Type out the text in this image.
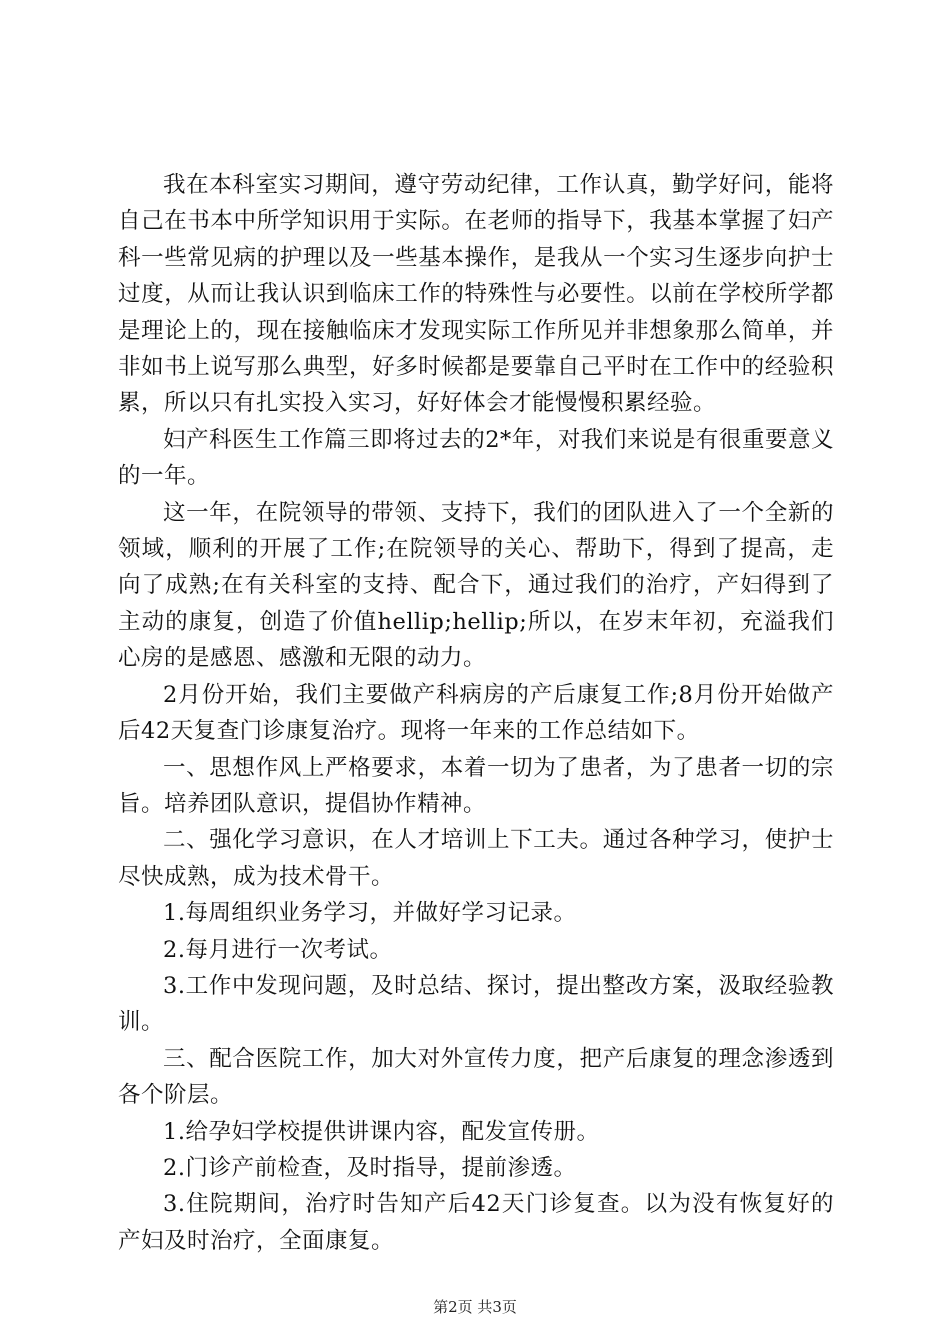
我在本科室实习期间，遵守劳动纪律，工作认真，勤学好问，能将自己在书本中所学知识用于实际。在老师的指导下，我基本掌握了妇产科一些常见病的护理以及一些基本操作，是我从一个实习生逐步向护士过度，从而让我认识到临床工作的特殊性与必要性。以前在学校所学都是理论上的，现在接触临床才发现实际工作所见并非想象那么简单，并非如书上说写那么典型，好多时候都是要靠自己平时在工作中的经验积累，所以只有扎实投入实习，好好体会才能慢慢积累经验。

妇产科医生工作篇三即将过去的2*年，对我们来说是有很重要意义的一年。

这一年，在院领导的带领、支持下，我们的团队进入了一个全新的领域，顺利的开展了工作;在院领导的关心、帮助下，得到了提高，走向了成熟;在有关科室的支持、配合下，通过我们的治疗，产妇得到了主动的康复，创造了价值hellip;hellip;所以，在岁末年初，充溢我们心房的是感恩、感激和无限的动力。

2月份开始，我们主要做产科病房的产后康复工作;8月份开始做产后42天复查门诊康复治疗。现将一年来的工作总结如下。

一、思想作风上严格要求，本着一切为了患者，为了患者一切的宗旨。培养团队意识，提倡协作精神。

二、强化学习意识，在人才培训上下工夫。通过各种学习，使护士尽快成熟，成为技术骨干。

1.每周组织业务学习，并做好学习记录。

2.每月进行一次考试。

3.工作中发现问题，及时总结、探讨，提出整改方案，汲取经验教训。

三、配合医院工作，加大对外宣传力度，把产后康复的理念渗透到各个阶层。

1.给孕妇学校提供讲课内容，配发宣传册。

2.门诊产前检查，及时指导，提前渗透。

3.住院期间，治疗时告知产后42天门诊复查。以为没有恢复好的产妇及时治疗，全面康复。

第2页 共3页
